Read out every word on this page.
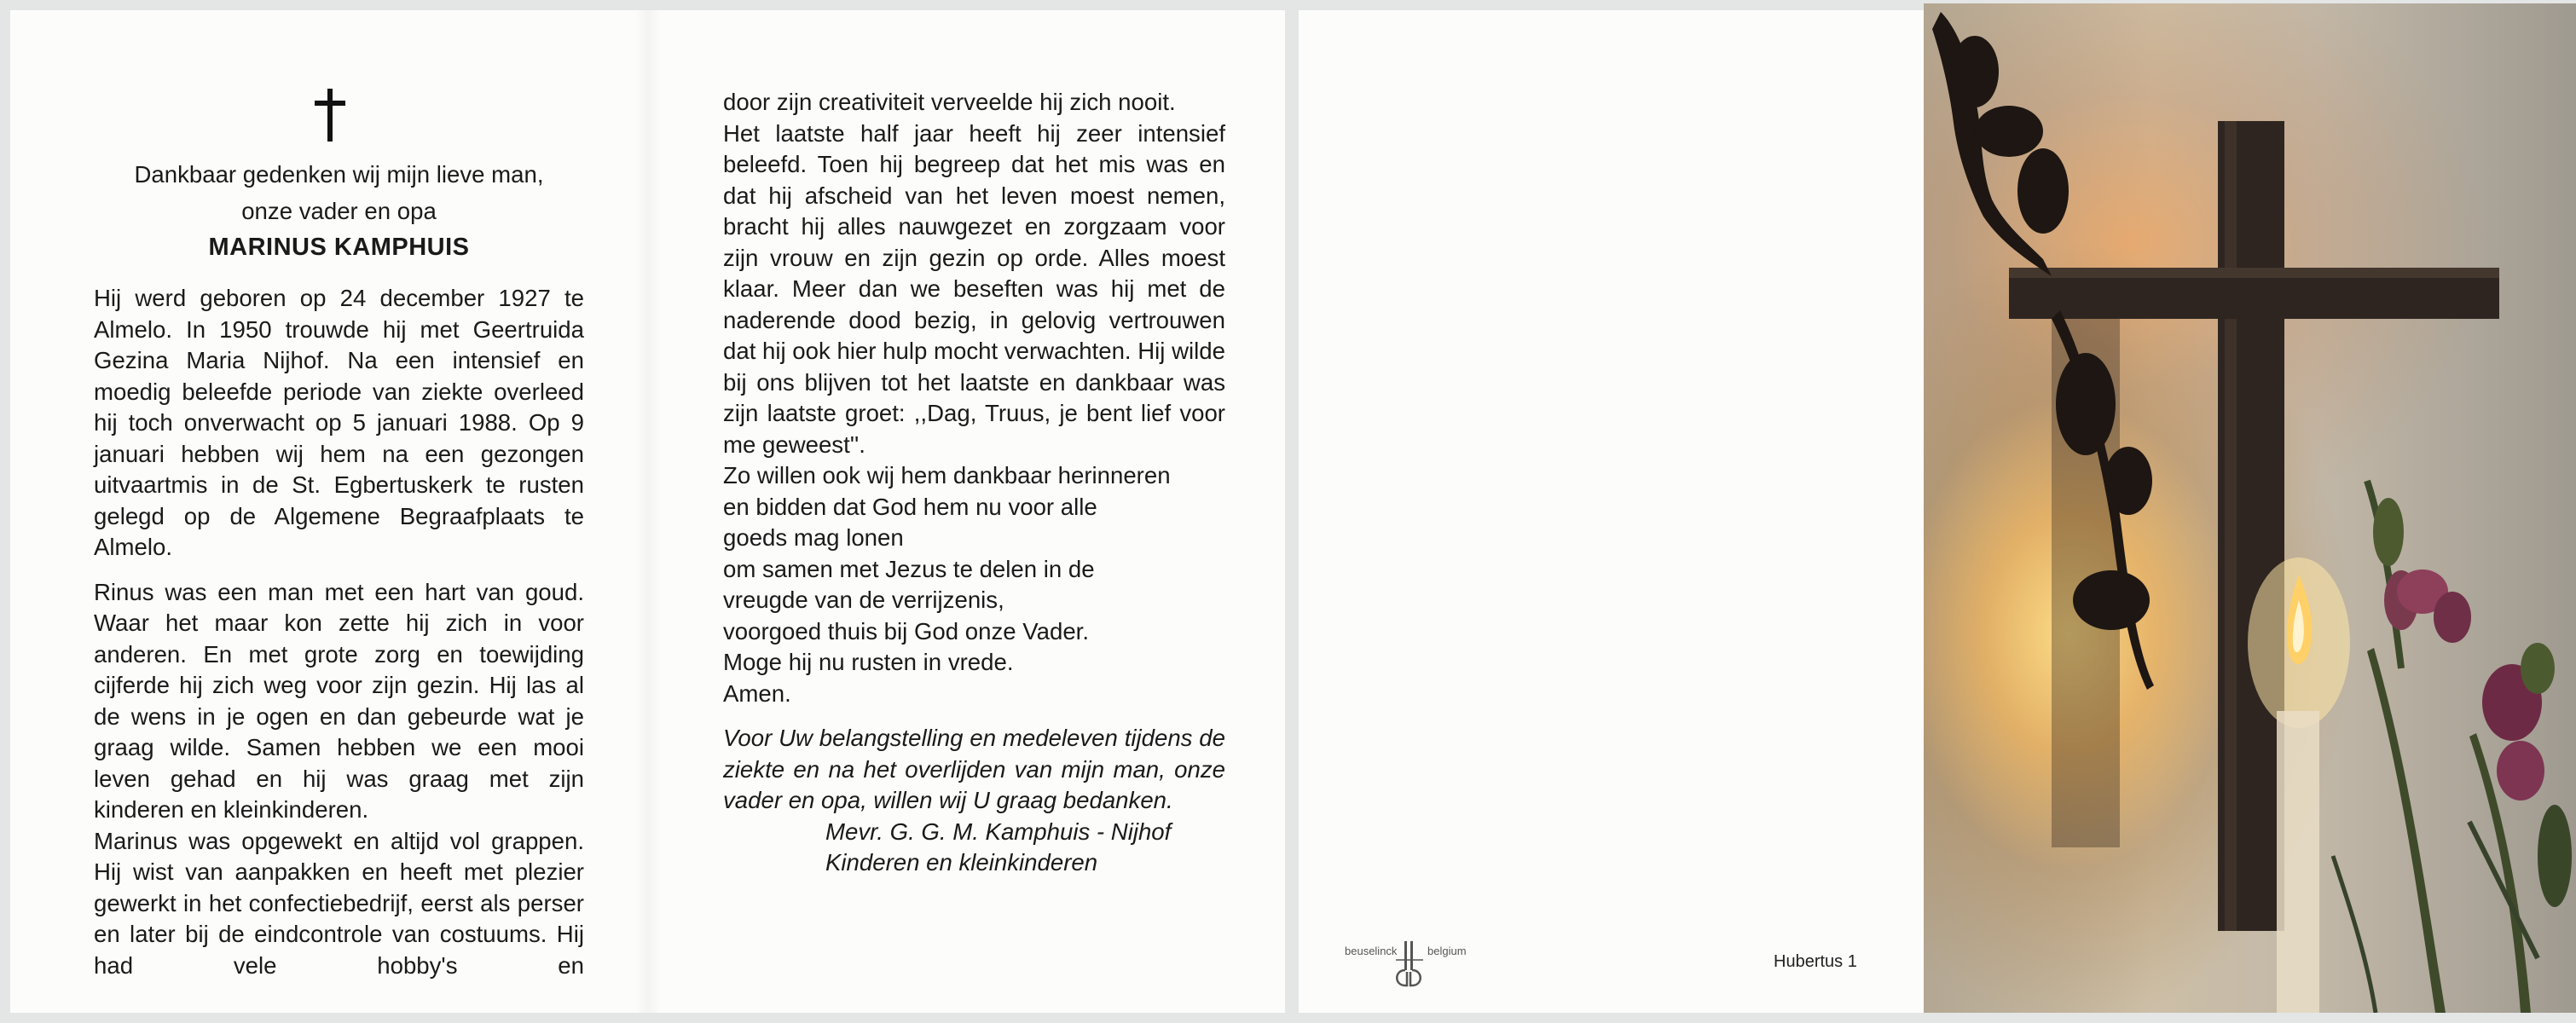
Dankbaar gedenken wij mijn lieve man,
onze vader en opa
MARINUS KAMPHUIS

Hij werd geboren op 24 december 1927 te Almelo. In 1950 trouwde hij met Geertruida Gezina Maria Nijhof. Na een intensief en moedig beleefde periode van ziekte overleed hij toch onverwacht op 5 januari 1988. Op 9 januari hebben wij hem na een gezongen uitvaartmis in de St. Egbertuskerk te rusten gelegd op de Algemene Begraafplaats te Almelo.

Rinus was een man met een hart van goud. Waar het maar kon zette hij zich in voor anderen. En met grote zorg en toewijding cijferde hij zich weg voor zijn gezin. Hij las al de wens in je ogen en dan gebeurde wat je graag wilde. Samen hebben we een mooi leven gehad en hij was graag met zijn kinderen en kleinkinderen.

Marinus was opgewekt en altijd vol grappen. Hij wist van aanpakken en heeft met plezier gewerkt in het confectiebedrijf, eerst als perser en later bij de eindcontrole van costuums. Hij had vele hobby's en

door zijn creativiteit verveelde hij zich nooit.

Het laatste half jaar heeft hij zeer intensief beleefd. Toen hij begreep dat het mis was en dat hij afscheid van het leven moest nemen, bracht hij alles nauwgezet en zorgzaam voor zijn vrouw en zijn gezin op orde. Alles moest klaar. Meer dan we beseften was hij met de naderende dood bezig, in gelovig vertrouwen dat hij ook hier hulp mocht verwachten. Hij wilde bij ons blijven tot het laatste en dankbaar was zijn laatste groet: ,,Dag, Truus, je bent lief voor me geweest''.

Zo willen ook wij hem dankbaar herinneren
en bidden dat God hem nu voor alle
goeds mag lonen
om samen met Jezus te delen in de
vreugde van de verrijzenis,
voorgoed thuis bij God onze Vader.
Moge hij nu rusten in vrede.
Amen.

Voor Uw belangstelling en medeleven tijdens de ziekte en na het overlijden van mijn man, onze vader en opa, willen wij U graag bedanken.

Mevr. G. G. M. Kamphuis - Nijhof
Kinderen en kleinkinderen
beuselinck	belgium
Hubertus 1
